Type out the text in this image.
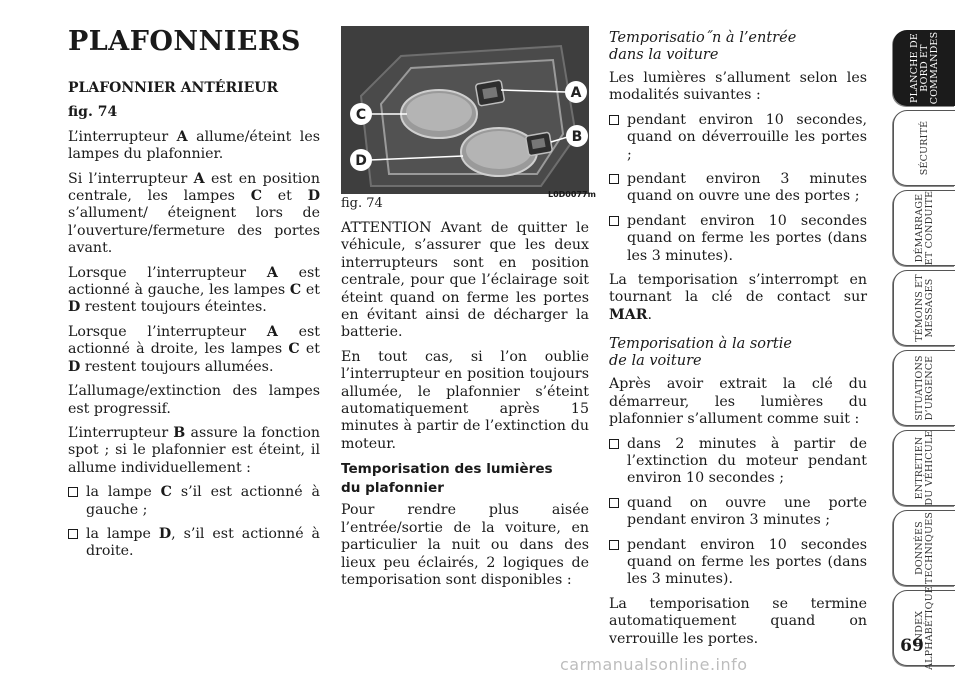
PLAFONNIERS

PLAFONNIER ANTÉRIEUR

fig. 74

L’interrupteur A allume/éteint les lampes du plafonnier.

Si l’interrupteur A est en position centrale, les lampes C et D s’allument/ éteignent lors de l’ouverture/fermeture des portes avant.

Lorsque l’interrupteur A est actionné à gauche, les lampes C et D restent toujours éteintes.

Lorsque l’interrupteur A est actionné à droite, les lampes C et D restent toujours allumées.

L’allumage/extinction des lampes est progressif.

L’interrupteur B assure la fonction spot ; si le plafonnier est éteint, il allume individuellement :

la lampe C s’il est actionné à gauche ;
la lampe D, s’il est actionné à droite.
A
B
C
D
L0D0077m
fig. 74

ATTENTION Avant de quitter le véhicule, s’assurer que les deux interrupteurs sont en position centrale, pour que l’éclairage soit éteint quand on ferme les portes en évitant ainsi de décharger la batterie.

En tout cas, si l’on oublie l’interrupteur en position toujours allumée, le plafonnier s’éteint automatiquement après 15 minutes à partir de l’extinction du moteur.

Temporisation des lumières
du plafonnier

Pour rendre plus aisée l’entrée/sortie de la voiture, en particulier la nuit ou dans des lieux peu éclairés, 2 logiques de temporisation sont disponibles :

Temporisatio˝n à l’entrée
dans la voiture

Les lumières s’allument selon les modalités suivantes :

pendant environ 10 secondes, quand on déverrouille les portes ;
pendant environ 3 minutes quand on ouvre une des portes ;
pendant environ 10 secondes quand on ferme les portes (dans les 3 minutes).

La temporisation s’interrompt en tournant la clé de contact sur MAR.

Temporisation à la sortie
de la voiture

Après avoir extrait la clé du démarreur, les lumières du plafonnier s’allument comme suit :

dans 2 minutes à partir de l’extinction du moteur pendant environ 10 secondes ;
quand on ouvre une porte pendant environ 3 minutes ;
pendant environ 10 secondes quand on ferme les portes (dans les 3 minutes).

La temporisation se termine automatiquement quand on verrouille les portes.

PLANCHE DE
BORD ET
COMMANDES
SÉCURITÉ
DÉMARRAGE
ET CONDUITE
TÉMOINS ET
MESSAGES
SITUATIONS
D’URGENCE
ENTRETIEN
DU VÉHICULE
DONNÉES
TECHNIQUES
INDEX
ALPHABÉTIQUE
69
carmanualsonline.info
